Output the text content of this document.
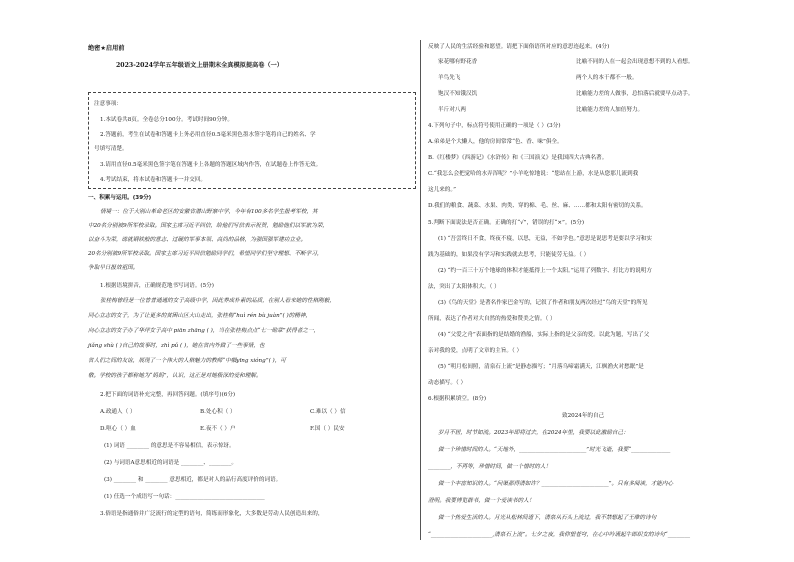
绝密★启用前
2023-2024学年五年级语文上册期末全真模拟提高卷（一）
注意事项：
1.本试卷共8页。全卷总分100分。考试时间90分钟。
2.答题前，考生在试卷和答题卡上务必用直径0.5毫米黑色墨水签字笔将自己的姓名、学
号填写清楚。
3.请用直径0.5毫米黑色签字笔在答题卡上各题的答题区域内作答，在试题卷上作答无效。
4.考试结束，将本试卷和答题卡一并交回。
一、积累与运用。(39分)
情境一：位于大别山革命老区的安徽省潜山野寨中学，今年有100多名学生报考军校，其
中20名分别被9所军校录取。国家主席习近平回信，给他们写信表示祝贺，勉励他们以军旅为荣，
以奋斗为荣，练就钢铁般的意志、过硬的军事本领、高尚的品格，为强国强军建功立业。
20名分别被9所军校录取。国家主席习近平回信勉励同学们，希望同学们坚守理想、不断学习，
争取早日报效祖国。
1.根据语境拼音，正确规范地书写词语。(5分)
张桂梅曾经是一位普普通通的女子高级中学，因此养成朴素的品质，在别人看来她的性格刚毅，
同心立志的女子，为了让更多的贫困山区大山走出，张桂梅“huì rén bù juàn”( )的精神，
向心立志的女子办了华坪女子高中 piān zhāng ( )，当在张桂梅点点“七一勋章”获得者之一，
jiǎng shù ( )自己的故事时，zhì pǔ ( )，她在省内外做了一些事情，也
省人们之间的友谊，展现了一个伟大的人格魅力的教师“中帼yīng xióng”( )，可
敬。学校的孩子都称她为“妈妈”，认识，这正是对她极深的爱和理解。
2.把下面的词语补充完整，再回答问题。(填序号)(6分)
A.政通人（ ）	B.处心积（ ）	C.难以（ ）信
D.呕心（ ）血	E.夜不（ ）户	F.国（ ）民安
(1) 词语 ________ 的意思是不容易相信，表示惊讶。
(2) 与词语A意思相近的词语是 ________、________。
(3) ________ 和 ________ 意思相近，都是对人的品行高度评价的词语。
(1) 任选一个成语写一句话：________________________________
3.俗语是指通俗并广泛流行的定型的语句，简练而形象化，大多数是劳动人民创造出来的，
反映了人民的生活经验和愿望。请把下面俗语所对应的意思连起来。(4分)
家花哪有野花香	比喻不同的人在一起会出现意想不到的人看想。
羊鸟先飞	两个人的本干都不一般。
饱汉不知饿汉饥	比喻能力差的人做事，总怕落后就要早点动手。
半斤对八两	比喻能力差的人加倍努力。
4.下列句子中，标点符号使用正确的一项是（ ）(3分)
A.弟弟是个大懒人，他的房间常常“色、香、味”俱全。
B.《红楼梦》《西游记》《水浒传》和《三国演义》是我国四大古典名著。
C.“我怎么会把觉哈的水弄浑呢？”小羊吃惊地说：“您站在上游，水是从您那儿流到我
这儿来的。”
D.我们的粮食、蔬菜、水果、肉类、穿的棉、毛、丝、麻、……都和太阳有密切的关系。
5.判断下面说法是否正确。正确的打“√”，错误的打“×”。(5分)
(1) “吾尝终日不食，终夜不寝，以思，无益，不如学也。”意思是说思考是要以学习和实
践为基础的，如果没有学习和实践就去思考，只能徒劳无益。（ ）
(2) “约一百三十万个地球的体积才能抵得上一个太阳。”运用了列数字、打比方的说明方
法，突出了太阳体积大。（ ）
(3)《鸟的天堂》是著名作家巴金写的，记叙了作者和朋友两次经过“鸟的天堂”的所见
所闻，表达了作者对大自然的热爱和赞美之情。（ ）
(4) “父爱之舟”表面指的是结婚的渔船，实际上指的是父亲的爱。以此为题，写出了父
亲对我的爱，点明了文章的主旨。（ ）
(5) “明月松间照，清泉石上流”是静态描写；“月落乌啼霜满天，江枫渔火对愁眠”是
动态描写。（ ）
6.根据积累填空。(8分)
致2024年的自己
岁月不居，时节如流。2023年即将过去，在2024年里，我要以此激励自己：
做一个珍惜时间的人。“天地外，________________________”时光飞逝，我要“______________
________，不再等，珍惜时间，做一个惜时的人！
做一个丰富知识的人。“问渠那得清如许？________________________”。只有多阅读，才能内心
澄明。我要博览群书，做一个爱读书的人！
做一个热爱生活的人。月光从松林间透下，清泉从石头上流过，我不禁想起了王维的诗句
“______________________,清泉石上流”。七夕之夜，我仰望苍穹，在心中吟诵起牛郎织女的诗句“________
